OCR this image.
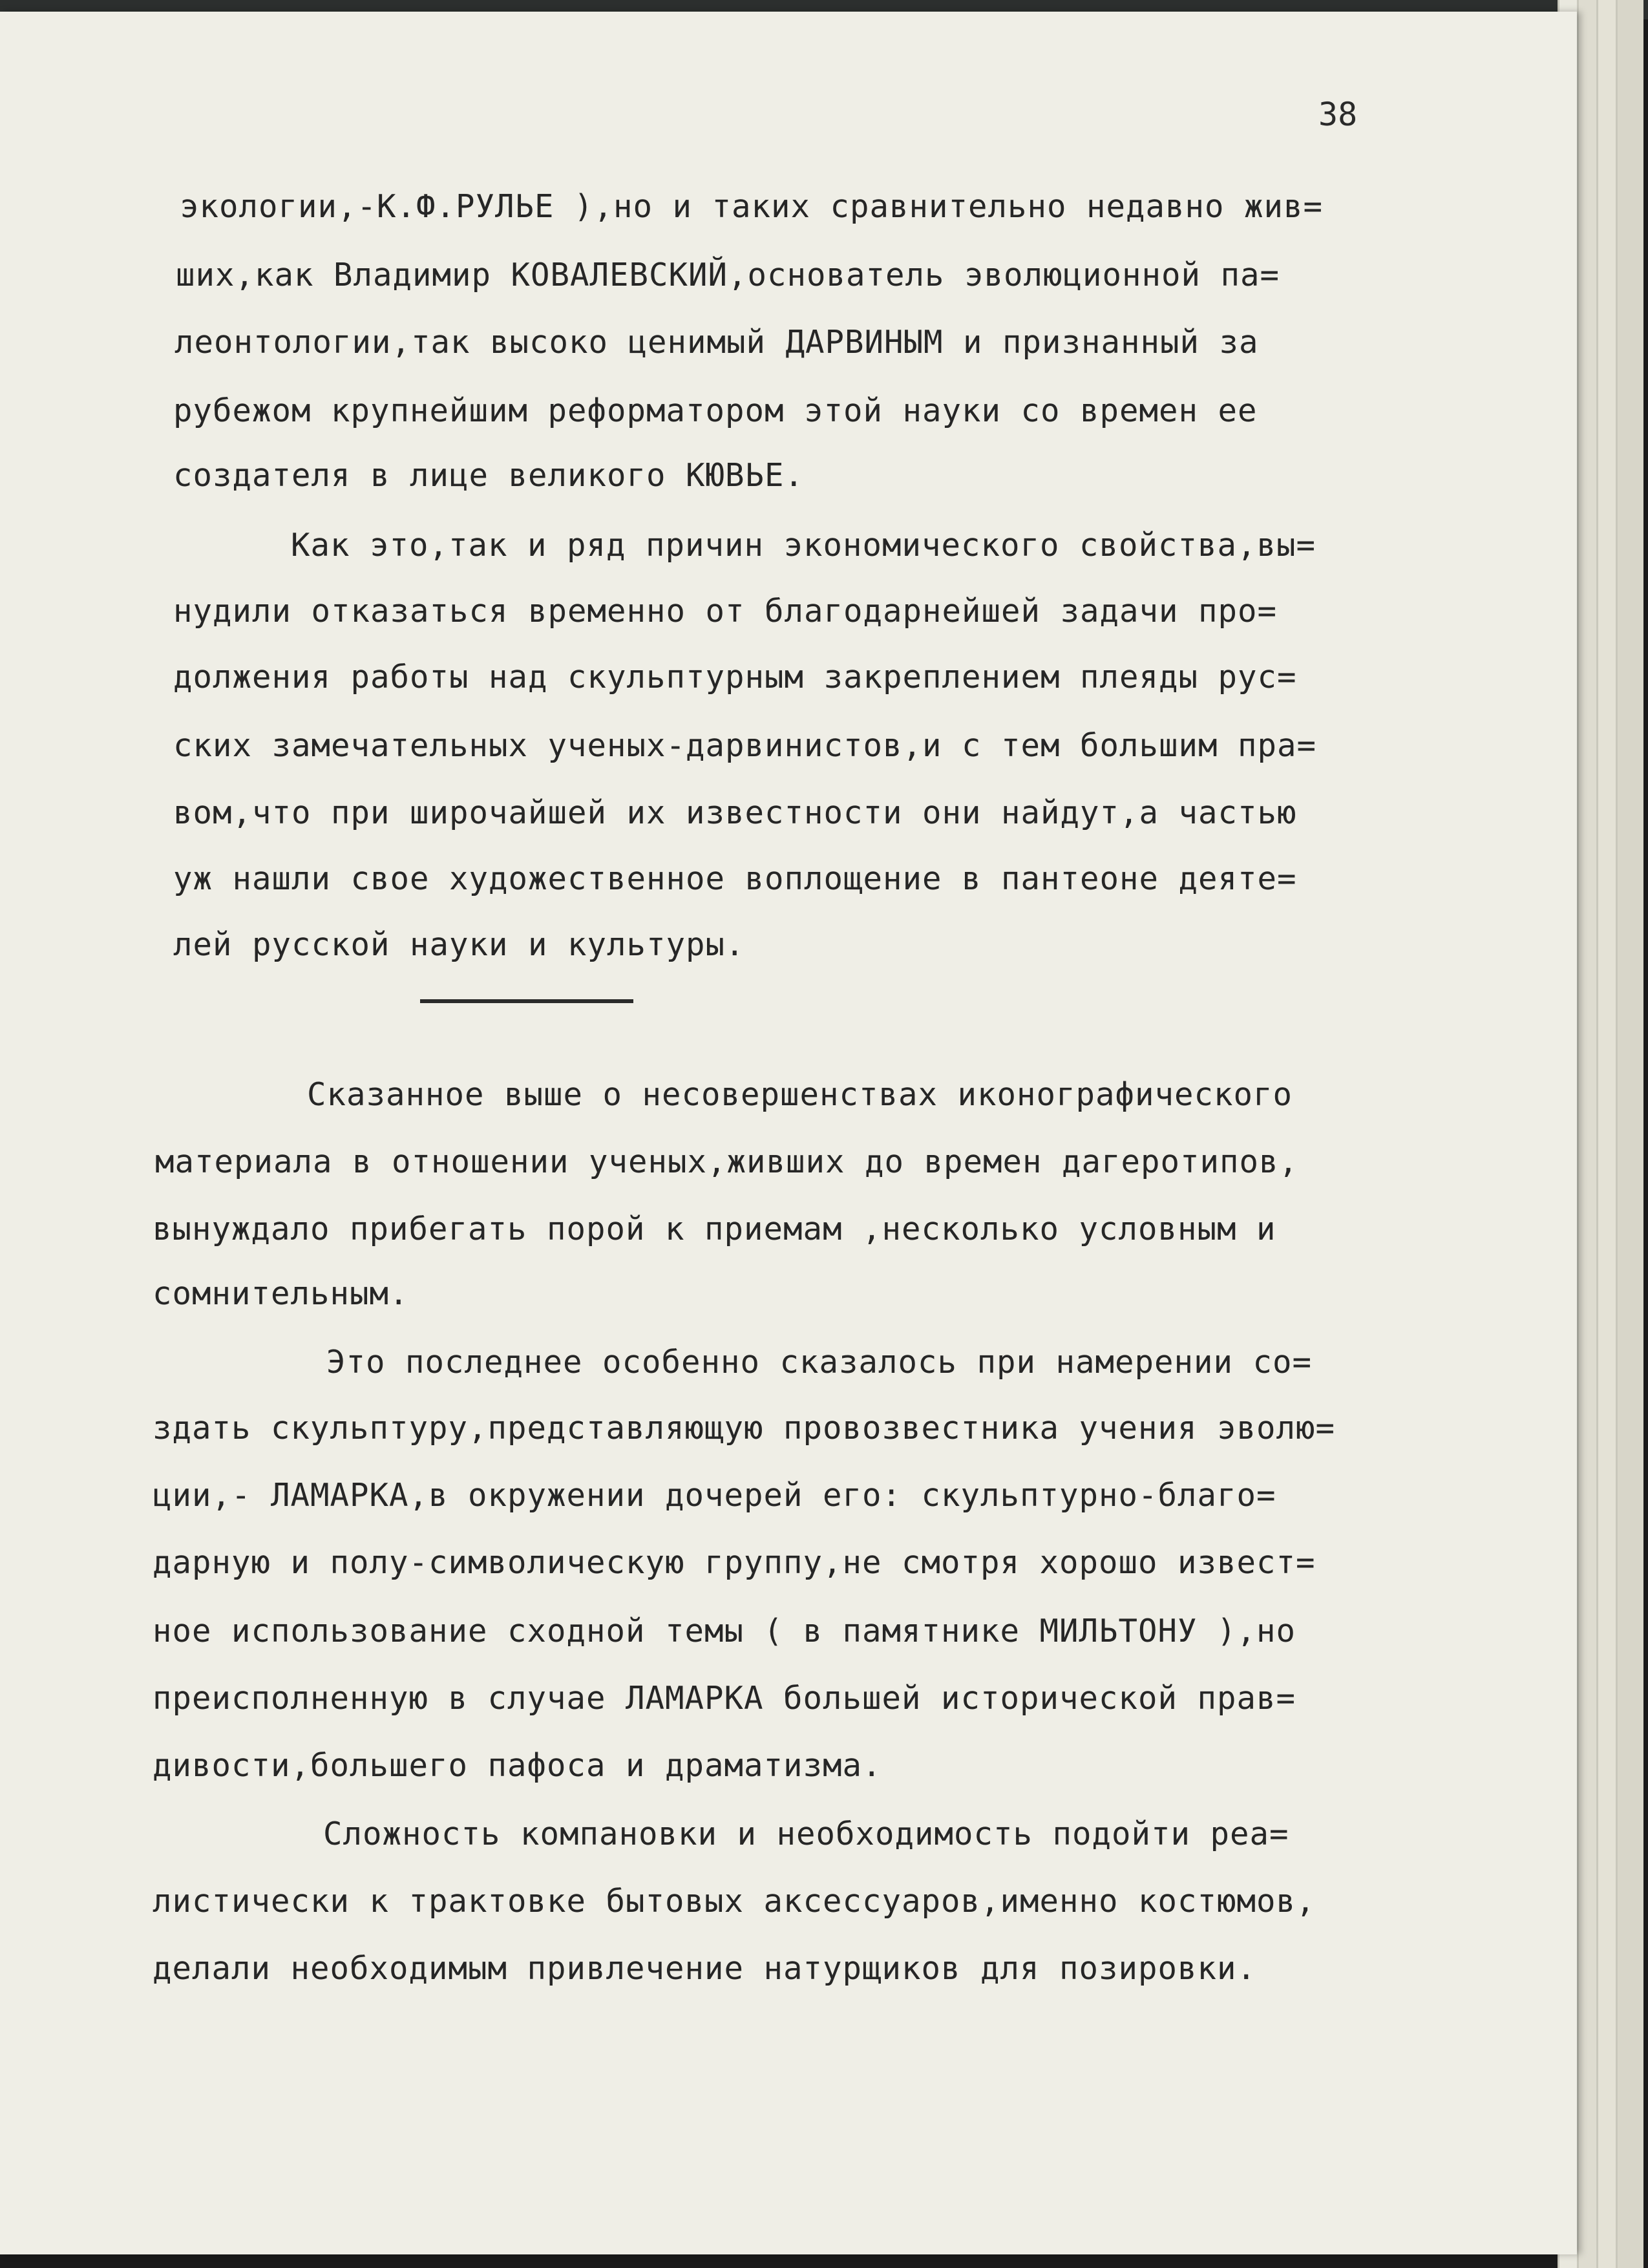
38
экологии,-К.Ф.РУЛЬЕ ),но и таких сравнительно недавно жив=
ших,как Владимир КОВАЛЕВСКИЙ,основатель эволюционной па=
леонтологии,так высоко ценимый ДАРВИНЫМ и признанный за
рубежом крупнейшим реформатором этой науки со времен ее
создателя в лице великого КЮВЬЕ.
Как это,так и ряд причин экономического свойства,вы=
нудили отказаться временно от благодарнейшей задачи про=
должения работы над скульптурным закреплением плеяды рус=
ских замечательных ученых-дарвинистов,и с тем большим пра=
вом,что при широчайшей их известности они найдут,а частью
уж нашли свое художественное воплощение в пантеоне деяте=
лей русской науки и культуры.
Сказанное выше о несовершенствах иконографического
материала в отношении ученых,живших до времен дагеротипов,
вынуждало прибегать порой к приемам ,несколько условным и
сомнительным.
Это последнее особенно сказалось при намерении со=
здать скульптуру,представляющую провозвестника учения эволю=
ции,- ЛАМАРКА,в окружении дочерей его: скульптурно-благо=
дарную и полу-символическую группу,не смотря хорошо извест=
ное использование сходной темы ( в памятнике МИЛЬТОНУ ),но
преисполненную в случае ЛАМАРКА большей исторической прав=
дивости,большего пафоса и драматизма.
Сложность компановки и необходимость подойти реа=
листически к трактовке бытовых аксессуаров,именно костюмов,
делали необходимым привлечение натурщиков для позировки.
